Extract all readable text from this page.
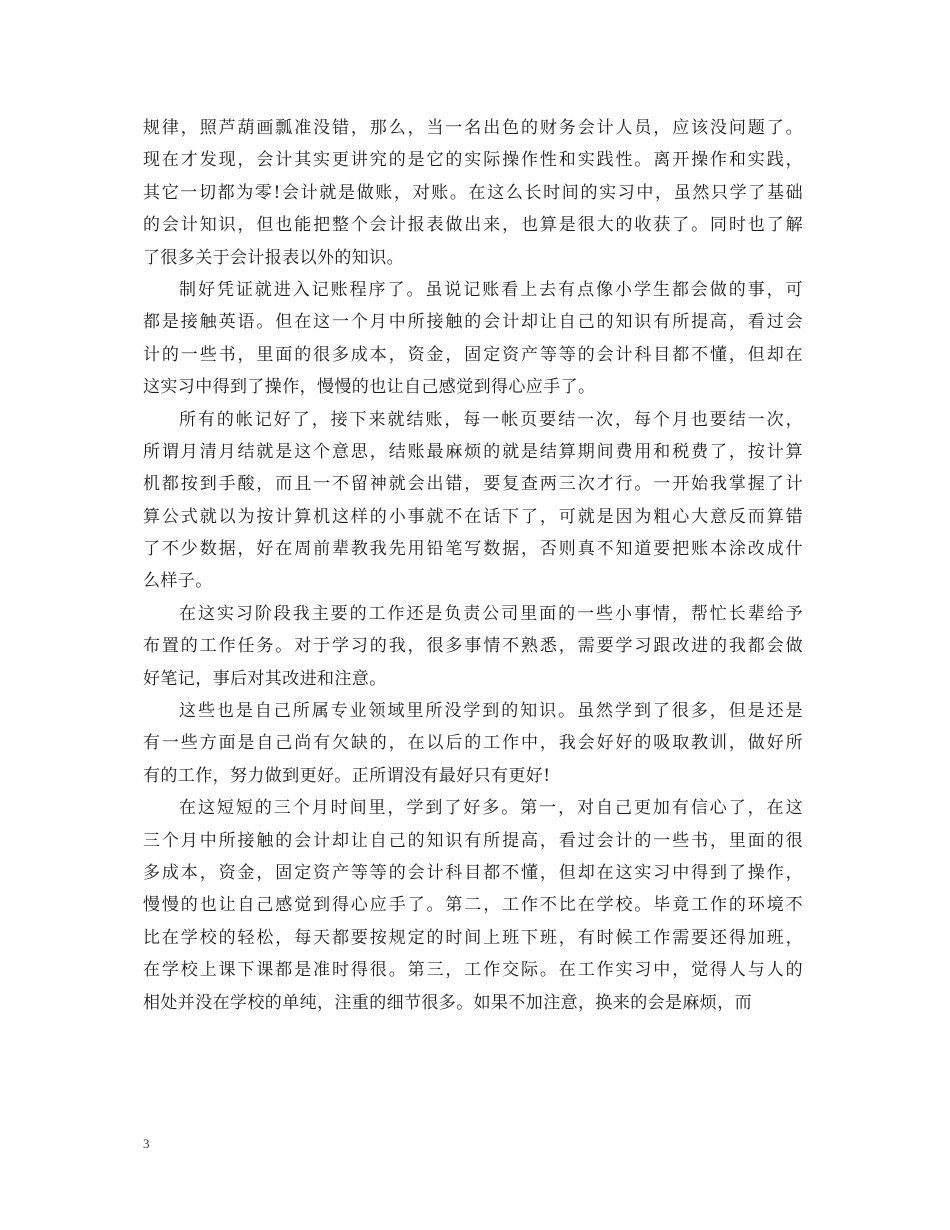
规律，照芦葫画瓢准没错，那么，当一名出色的财务会计人员，应该没问题了。
现在才发现，会计其实更讲究的是它的实际操作性和实践性。离开操作和实践，
其它一切都为零!会计就是做账，对账。在这么长时间的实习中，虽然只学了基础
的会计知识，但也能把整个会计报表做出来，也算是很大的收获了。同时也了解
了很多关于会计报表以外的知识。
制好凭证就进入记账程序了。虽说记账看上去有点像小学生都会做的事，可
都是接触英语。但在这一个月中所接触的会计却让自己的知识有所提高，看过会
计的一些书，里面的很多成本，资金，固定资产等等的会计科目都不懂，但却在
这实习中得到了操作，慢慢的也让自己感觉到得心应手了。
所有的帐记好了，接下来就结账，每一帐页要结一次，每个月也要结一次，
所谓月清月结就是这个意思，结账最麻烦的就是结算期间费用和税费了，按计算
机都按到手酸，而且一不留神就会出错，要复查两三次才行。一开始我掌握了计
算公式就以为按计算机这样的小事就不在话下了，可就是因为粗心大意反而算错
了不少数据，好在周前辈教我先用铅笔写数据，否则真不知道要把账本涂改成什
么样子。
在这实习阶段我主要的工作还是负责公司里面的一些小事情，帮忙长辈给予
布置的工作任务。对于学习的我，很多事情不熟悉，需要学习跟改进的我都会做
好笔记，事后对其改进和注意。
这些也是自己所属专业领域里所没学到的知识。虽然学到了很多，但是还是
有一些方面是自己尚有欠缺的，在以后的工作中，我会好好的吸取教训，做好所
有的工作，努力做到更好。正所谓没有最好只有更好!
在这短短的三个月时间里，学到了好多。第一，对自己更加有信心了，在这
三个月中所接触的会计却让自己的知识有所提高，看过会计的一些书，里面的很
多成本，资金，固定资产等等的会计科目都不懂，但却在这实习中得到了操作，
慢慢的也让自己感觉到得心应手了。第二，工作不比在学校。毕竟工作的环境不
比在学校的轻松，每天都要按规定的时间上班下班，有时候工作需要还得加班，
在学校上课下课都是准时得很。第三，工作交际。在工作实习中，觉得人与人的
相处并没在学校的单纯，注重的细节很多。如果不加注意，换来的会是麻烦，而
3
